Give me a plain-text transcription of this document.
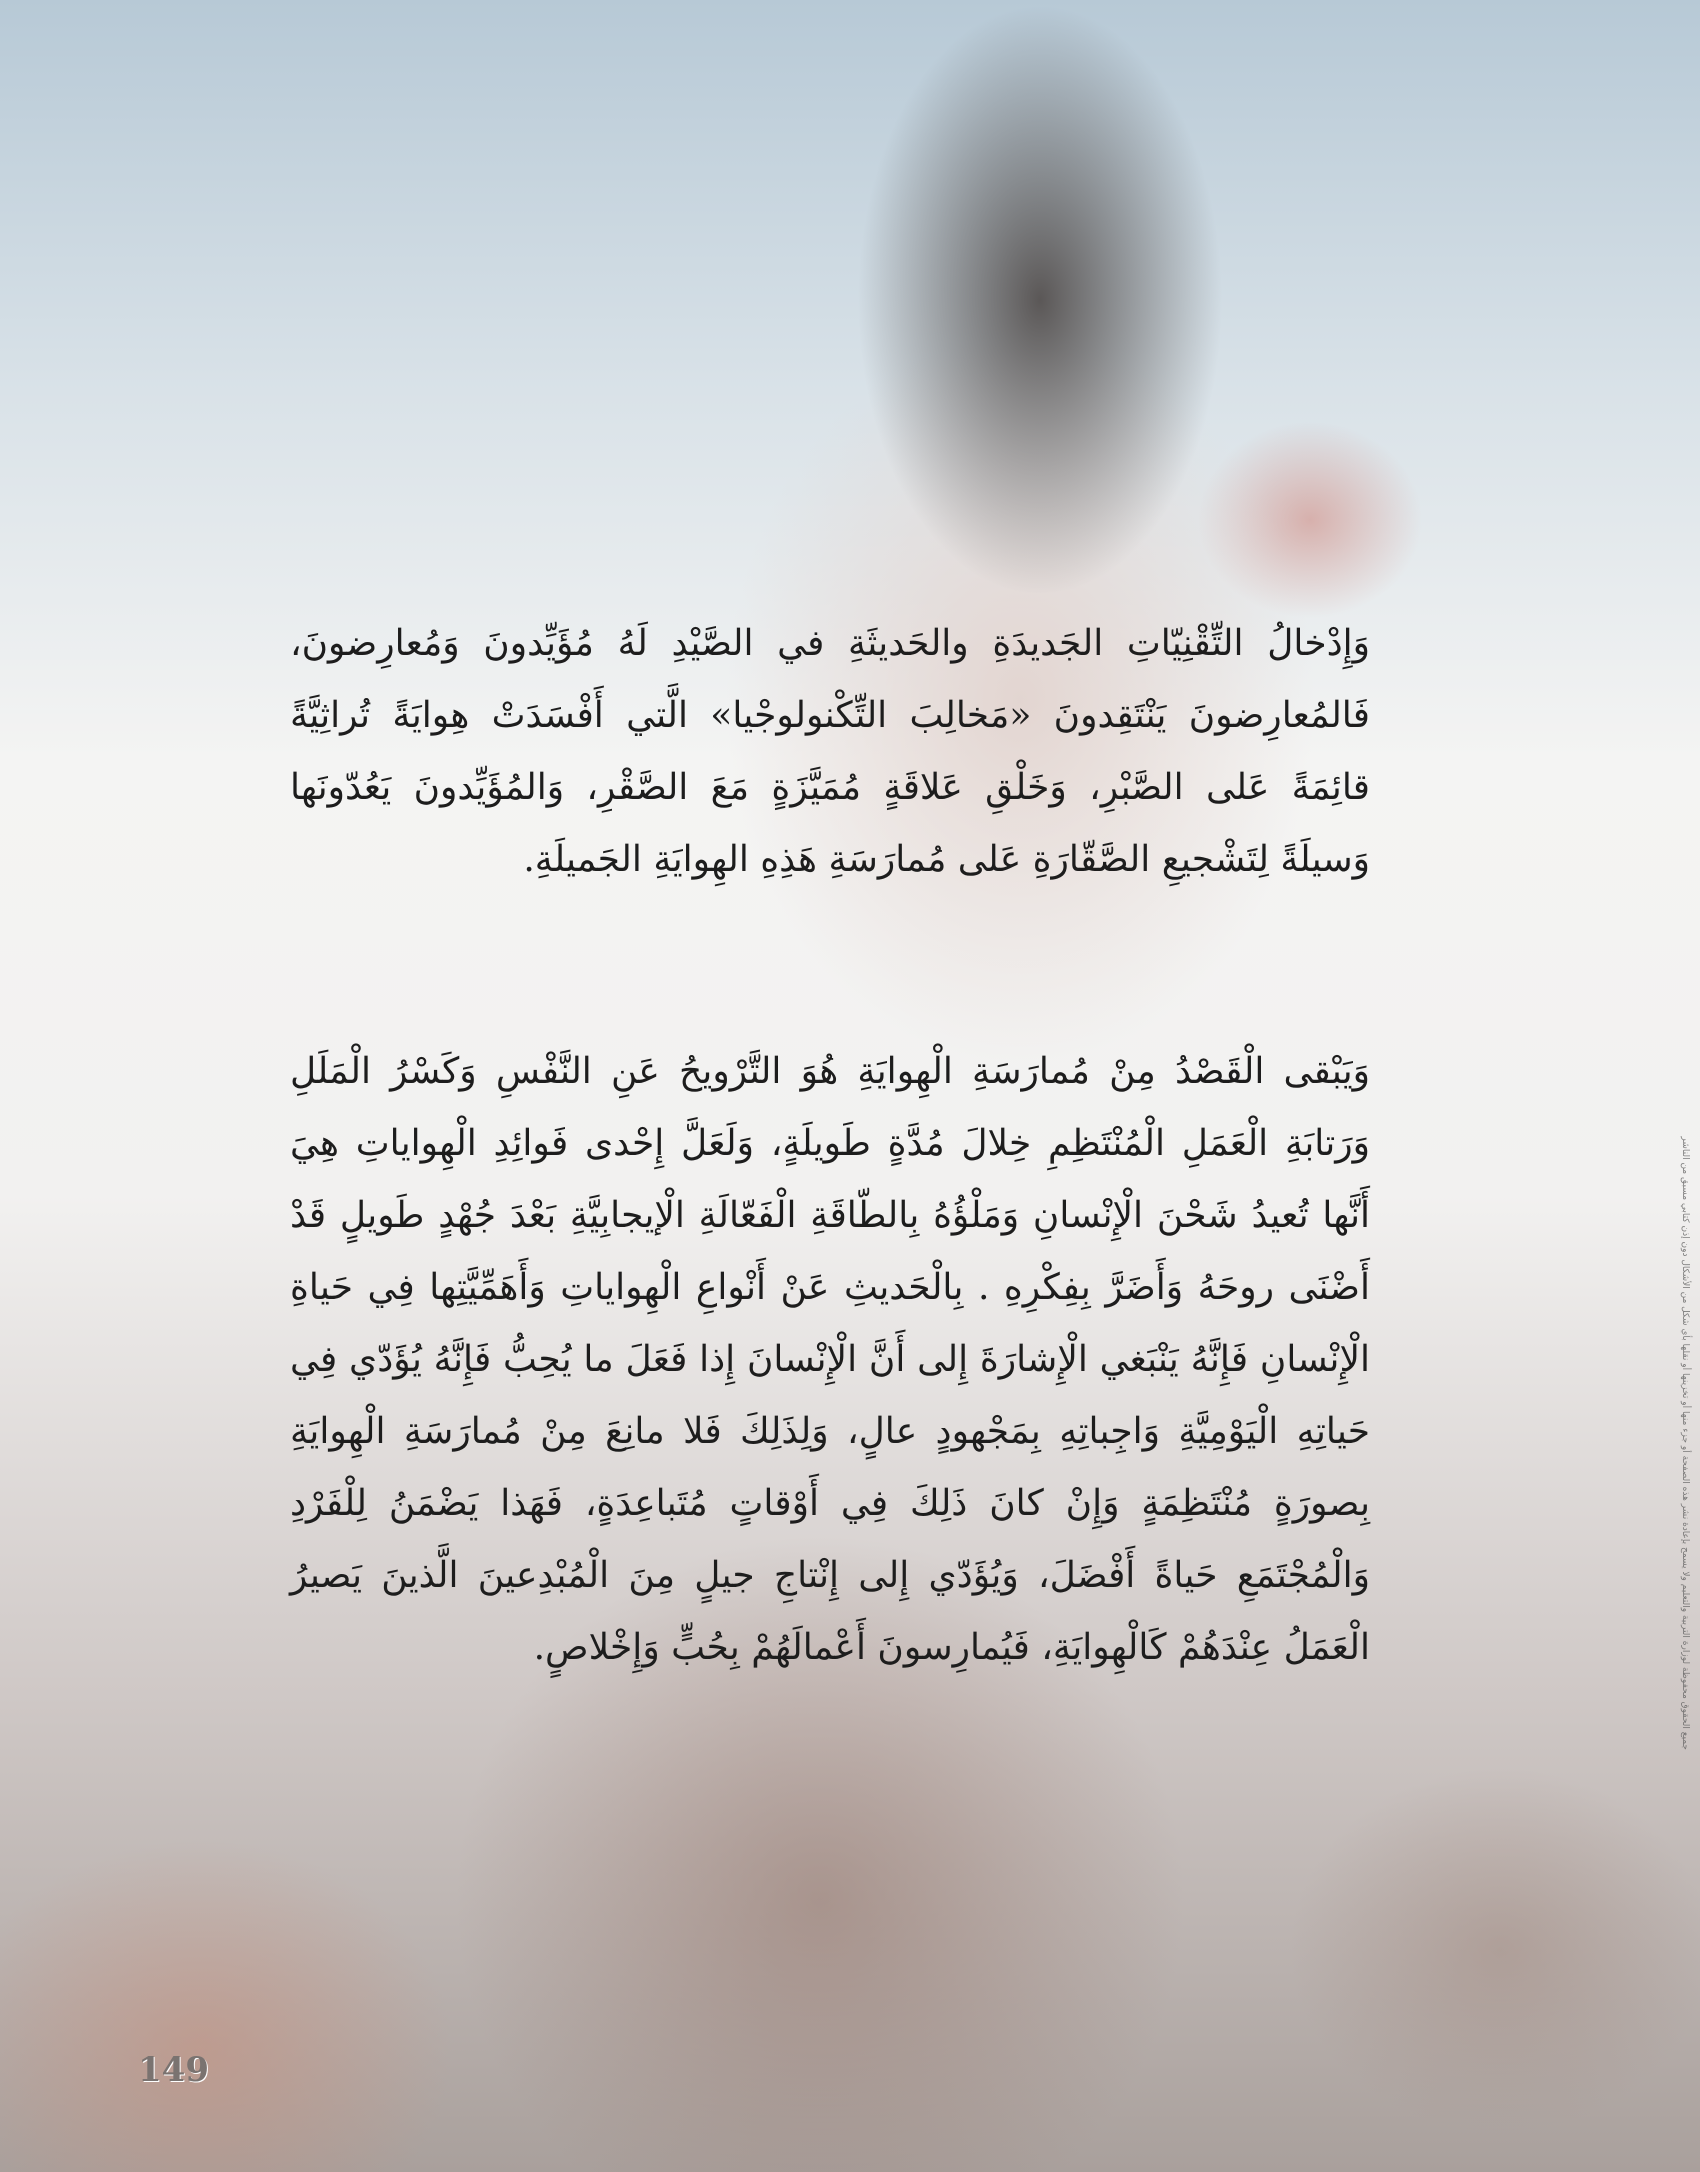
وَإِدْخالُ التِّقْنِيّاتِ الجَديدَةِ والحَديثَةِ في الصَّيْدِ لَهُ مُؤَيِّدونَ وَمُعارِضونَ، فَالمُعارِضونَ يَنْتَقِدونَ «مَخالِبَ التِّكْنولوجْيا» الَّتي أَفْسَدَتْ هِوايَةً تُراثِيَّةً قائِمَةً عَلى الصَّبْرِ، وَخَلْقِ عَلاقَةٍ مُمَيَّزَةٍ مَعَ الصَّقْرِ، وَالمُؤَيِّدونَ يَعُدّونَها وَسيلَةً لِتَشْجيعِ الصَّقّارَةِ عَلى مُمارَسَةِ هَذِهِ الهِوايَةِ الجَميلَةِ.

وَيَبْقى الْقَصْدُ مِنْ مُمارَسَةِ الْهِوايَةِ هُوَ التَّرْويحُ عَنِ النَّفْسِ وَكَسْرُ الْمَلَلِ وَرَتابَةِ الْعَمَلِ الْمُنْتَظِمِ خِلالَ مُدَّةٍ طَويلَةٍ، وَلَعَلَّ إِحْدى فَوائِدِ الْهِواياتِ هِيَ أَنَّها تُعيدُ شَحْنَ الْإِنْسانِ وَمَلْؤُهُ بِالطّاقَةِ الْفَعّالَةِ الْإيجابِيَّةِ بَعْدَ جُهْدٍ طَويلٍ قَدْ أَضْنَى روحَهُ وَأَضَرَّ بِفِكْرِهِ . بِالْحَديثِ عَنْ أَنْواعِ الْهِواياتِ وَأَهَمِّيَّتِها فِي حَياةِ الْإِنْسانِ فَإِنَّهُ يَنْبَغي الْإِشارَةَ إِلى أَنَّ الْإِنْسانَ إِذا فَعَلَ ما يُحِبُّ فَإِنَّهُ يُؤَدّي فِي حَياتِهِ الْيَوْمِيَّةِ وَاجِباتِهِ بِمَجْهودٍ عالٍ، وَلِذَلِكَ فَلا مانِعَ مِنْ مُمارَسَةِ الْهِوايَةِ بِصورَةٍ مُنْتَظِمَةٍ وَإِنْ كانَ ذَلِكَ فِي أَوْقاتٍ مُتَباعِدَةٍ، فَهَذا يَضْمَنُ لِلْفَرْدِ وَالْمُجْتَمَعِ حَياةً أَفْضَلَ، وَيُؤَدّي إِلى إِنْتاجِ جيلٍ مِنَ الْمُبْدِعينَ الَّذينَ يَصيرُ الْعَمَلُ عِنْدَهُمْ كَالْهِوايَةِ، فَيُمارِسونَ أَعْمالَهُمْ بِحُبٍّ وَإِخْلاصٍ.	جميع الحقوق محفوظة لوزارة التربية والتعليم ولا يسمح بإعادة نشر هذه الصفحة أو جزء منها أو تخزينها أو نقلها بأي شكل من الأشكال دون إذن كتابي مسبق من الناشر
149
